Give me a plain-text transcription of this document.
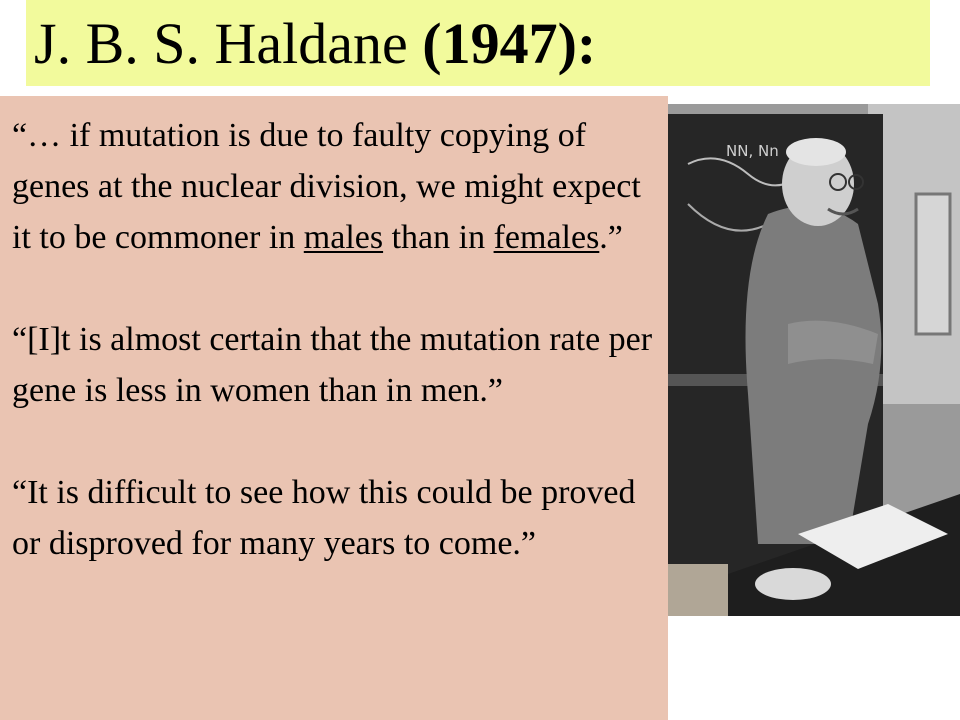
J. B. S. Haldane (1947):

“… if mutation is due to faulty copying of genes at the nuclear division, we might expect it to be commoner in males than in females.”

“[I]t is almost certain that the mutation rate per gene is less in women than in men.”

“It is difficult to see how this could be proved or disproved for many years to come.”

NN, Nn
